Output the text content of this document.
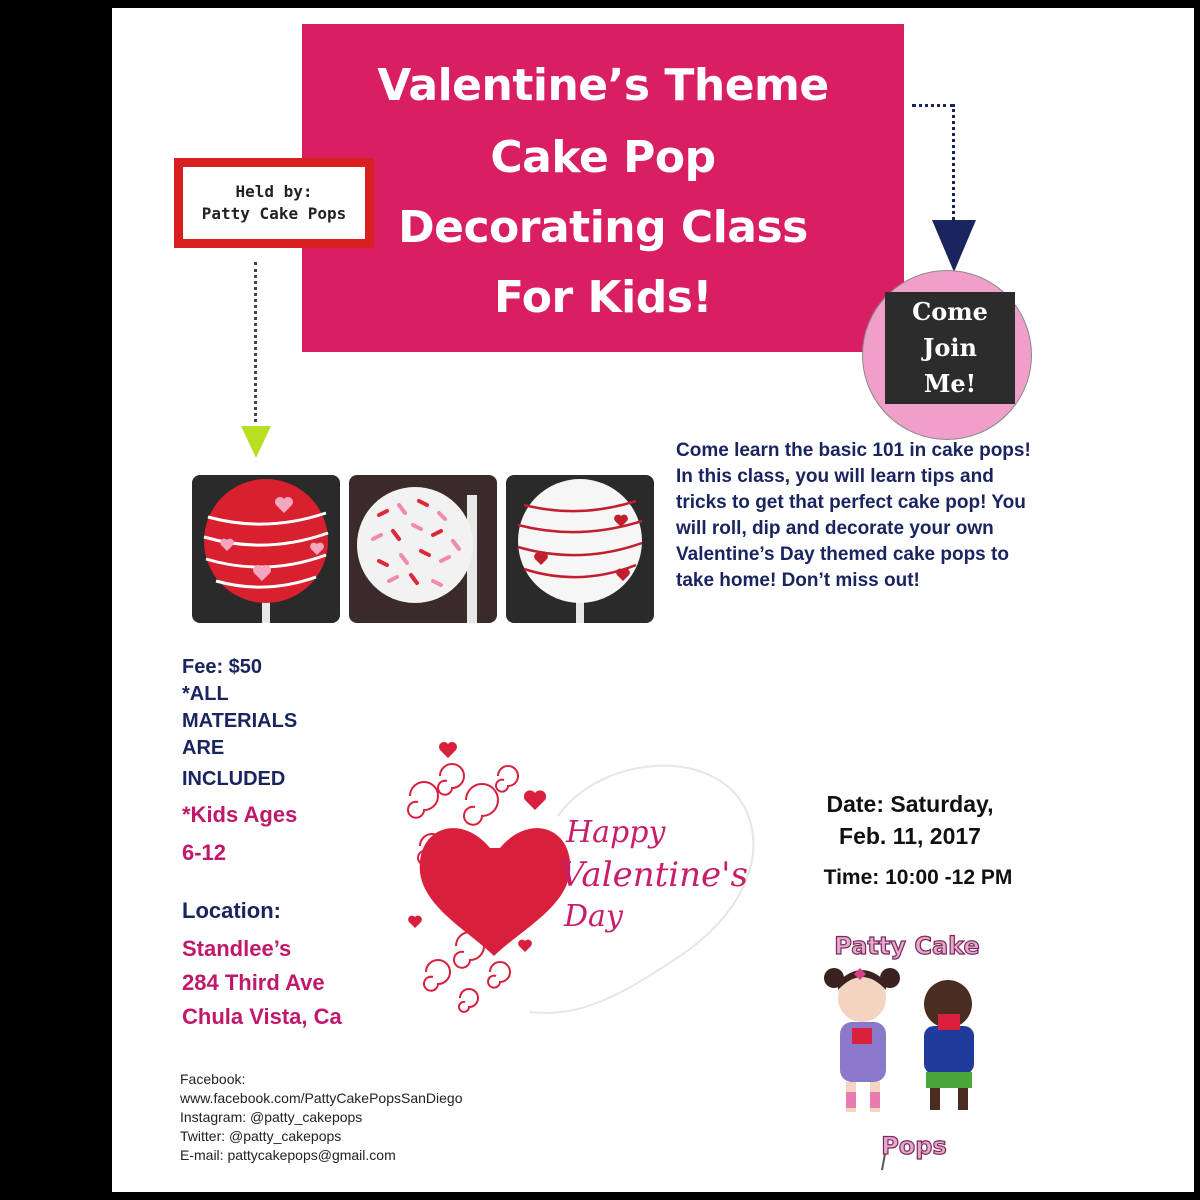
Valentine’s Theme
Cake Pop
Decorating Class
For Kids!
Held by:
Patty Cake Pops
Come
Join
Me!
Come learn the basic 101 in cake pops! In this class, you will learn tips and tricks to get that perfect cake pop! You will roll, dip and decorate your own Valentine’s Day themed cake pops to take home! Don’t miss out!
Fee: $50
*ALL
MATERIALS
ARE
INCLUDED
*Kids Ages
6-12
Location:
Standlee’s
284 Third Ave
Chula Vista, Ca
Happy
Valentine's
Day
Date: Saturday,
Feb. 11, 2017
Time: 10:00 -12 PM
Patty Cake
Pops
Facebook:
www.facebook.com/PattyCakePopsSanDiego
Instagram: @patty_cakepops
Twitter: @patty_cakepops
E-mail: pattycakepops@gmail.com
